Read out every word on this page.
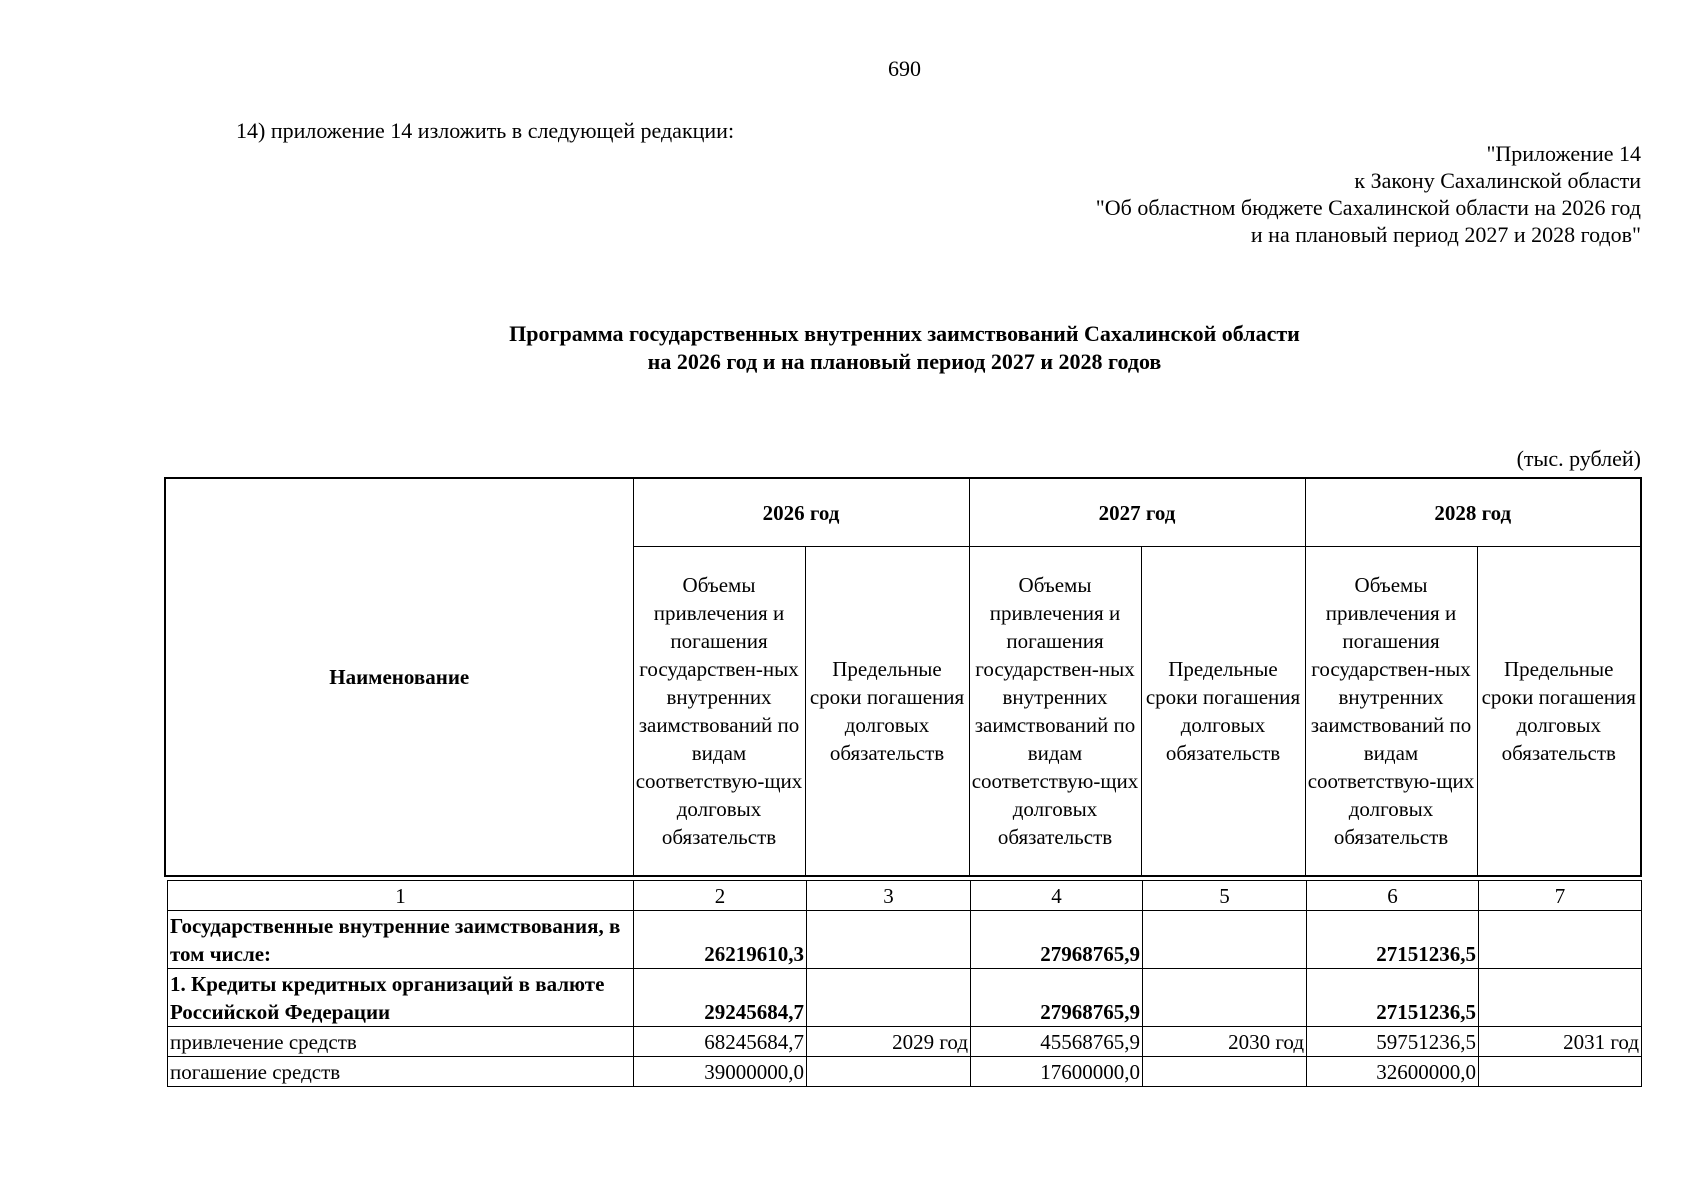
690
14) приложение 14 изложить в следующей редакции:
"Приложение 14
к Закону Сахалинской области
"Об областном бюджете Сахалинской области на 2026 год
и на плановый период 2027 и 2028 годов"
Программа государственных внутренних заимствований Сахалинской области
на 2026 год и на плановый период 2027 и 2028 годов
(тыс. рублей)
Наименование	2026 год		2027 год		2028 год	
	Объемы привлечения и погашения государствен-ных внутренних заимствований по видам соответствую-щих долговых обязательств	Предельные сроки погашения долговых обязательств	Объемы привлечения и погашения государствен-ных внутренних заимствований по видам соответствую-щих долговых обязательств	Предельные сроки погашения долговых обязательств	Объемы привлечения и погашения государствен-ных внутренних заимствований по видам соответствую-щих долговых обязательств	Предельные сроки погашения долговых обязательств
1	2	3	4	5	6	7
Государственные внутренние заимствования, в том числе:	26219610,3		27968765,9		27151236,5	
1. Кредиты кредитных организаций в валюте Российской Федерации	29245684,7		27968765,9		27151236,5	
привлечение средств	68245684,7	2029 год	45568765,9	2030 год	59751236,5	2031 год
погашение средств	39000000,0		17600000,0		32600000,0	
